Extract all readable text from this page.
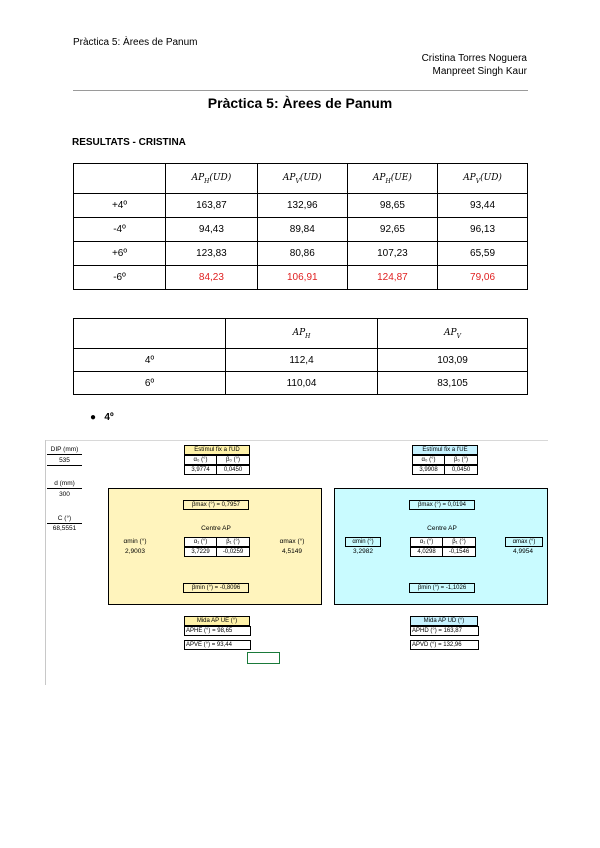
Pràctica 5: Àrees de Panum
Cristina Torres Noguera
Manpreet Singh Kaur
Pràctica 5: Àrees de Panum
RESULTATS - CRISTINA
	$AP_H(UD)$	$AP_V(UD)$	$AP_H(UE)$	$AP_V(UD)$
+4º	163,87	132,96	98,65	93,44
-4º	94,43	89,84	92,65	96,13
+6º	123,83	80,86	107,23	65,59
-6º	84,23	106,91	124,87	79,06
	$AP_H$	$AP_V$
4º	112,4	103,09
6º	110,04	83,105
● 4º
DIP (mm)
535
d (mm)
300
C (°)
68,5551
Estímul fix a l'UD
α₀ (°)	β₀ (°)
3,9774	0,0450
Estímul fix a l'UE
α₀ (°)	β₀ (°)
3,9908	0,0450
βmax (°) = 0,7957
Centre AP
αmin (°)
2,9003
α₁ (°)	β₁ (°)
3,7229	-0,0259
αmax (°)
4,5149
βmin (°) = -0,8096
βmax (°) = 0,0194
Centre AP
αmin (°)
3,2982
α₁ (°)	β₁ (°)
4,0298	-0,1546
αmax (°)
4,9954
βmin (°) = -1,1026
Mida AP UE (°)
APHE (°) = 98,65
APVE (°) = 93,44
Mida AP UD (°)
APHD (°) = 163,87
APVD (°) = 132,96
